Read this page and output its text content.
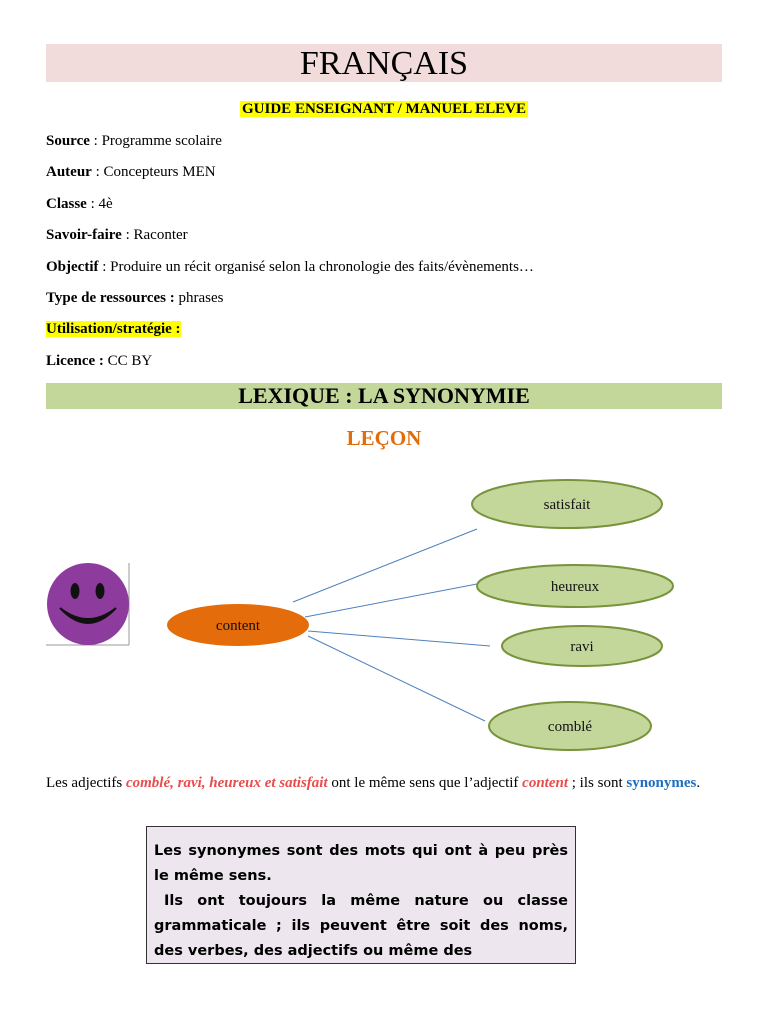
FRANÇAIS
GUIDE ENSEIGNANT / MANUEL ELEVE
Source : Programme scolaire
Auteur : Concepteurs MEN
Classe : 4è
Savoir-faire : Raconter
Objectif : Produire un récit organisé selon la chronologie des faits/évènements…
Type de ressources : phrases
Utilisation/stratégie :
Licence : CC BY
LEXIQUE : LA SYNONYMIE
LEÇON
content
satisfait
heureux
ravi
comblé
Les adjectifs comblé, ravi, heureux et satisfait ont le même sens que l’adjectif content ; ils sont synonymes.

Les synonymes sont des mots qui ont à peu près le même sens.

Ils ont toujours la même nature ou classe grammaticale ; ils peuvent être soit des noms, des verbes, des adjectifs ou même des
